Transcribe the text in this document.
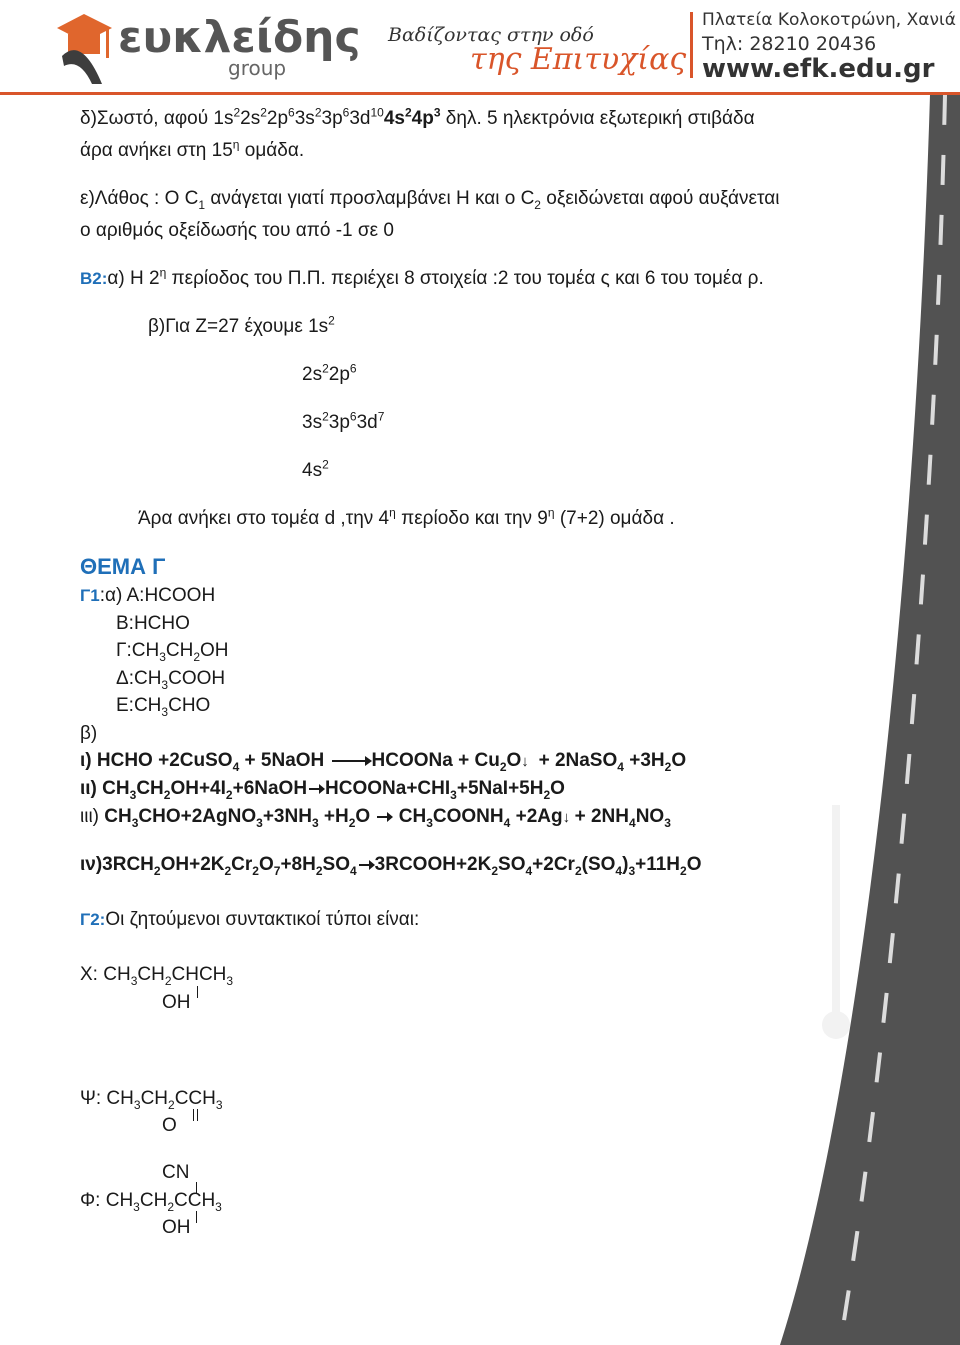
ευκλείδης
group
Βαδίζοντας στην οδό
της Επιτυχίας
Πλατεία Κολοκοτρώνη, Χανιά
Τηλ: 28210 20436
www.efk.edu.gr
δ)Σωστό, αφού $1s^22s^22p^63s^23p^63d^{10}4s^24p^3$ δηλ. 5 ηλεκτρόνια εξωτερική στιβάδα
άρα ανήκει στη $15^\eta$ ομάδα.
ε)Λάθος : Ο $C_1$ ανάγεται γιατί προσλαμβάνει Η και ο $C_2$ οξειδώνεται αφού αυξάνεται
ο αριθμός οξείδωσής του από -1 σε 0
Β2:α) Η $2^\eta$ περίοδος του Π.Π. περιέχει 8 στοιχεία :2 του τομέα ς και 6 του τομέα ρ.
β)Για Ζ=27 έχουμε $1s^2$
$2s^22p^6$
$3s^23p^63d^7$
$4s^2$
Άρα ανήκει στο τομέα d ,την $4^\eta$ περίοδο και την $9^\eta$ (7+2) ομάδα .
ΘΕΜΑ Γ
Γ1:α) Α:HCOOH
Β:HCHO
$\Gamma:CH_3CH_2OH$
$\Delta:CH_3COOH$
$E:CH_3CHO$
β)
ι) HCHO +2CuSO$_4$ + 5NaOH → HCOONa + $Cu_2O↓$ + 2NaSO$_4$ $+3H_2O$
ιι) $CH_3CH_2OH+4I_2+6NaOH$ → $HCOONa+CHI_3+5NaI+5H_2O$
ιιι) $CH_3CHO+2AgNO_3+3NH_3 +H_2O$ → $CH_3COONH_4$ +2Ag↓ + $2NH_4NO_3$
$\iota\nu)3RCH_2OH+2K_2Cr_2O_7+8H_2SO_4$ → $3RCOOH+2K_2SO_4+2Cr_2(SO_4)_3+11H_2O$
Γ2:Οι ζητούμενοι συντακτικοί τύποι είναι:
Χ: $CH_3CH_2CHCH_3$
OH
Ψ: $CH_3CH_2CCH_3$
O
CN
Φ: $CH_3CH_2CCH_3$
OH
